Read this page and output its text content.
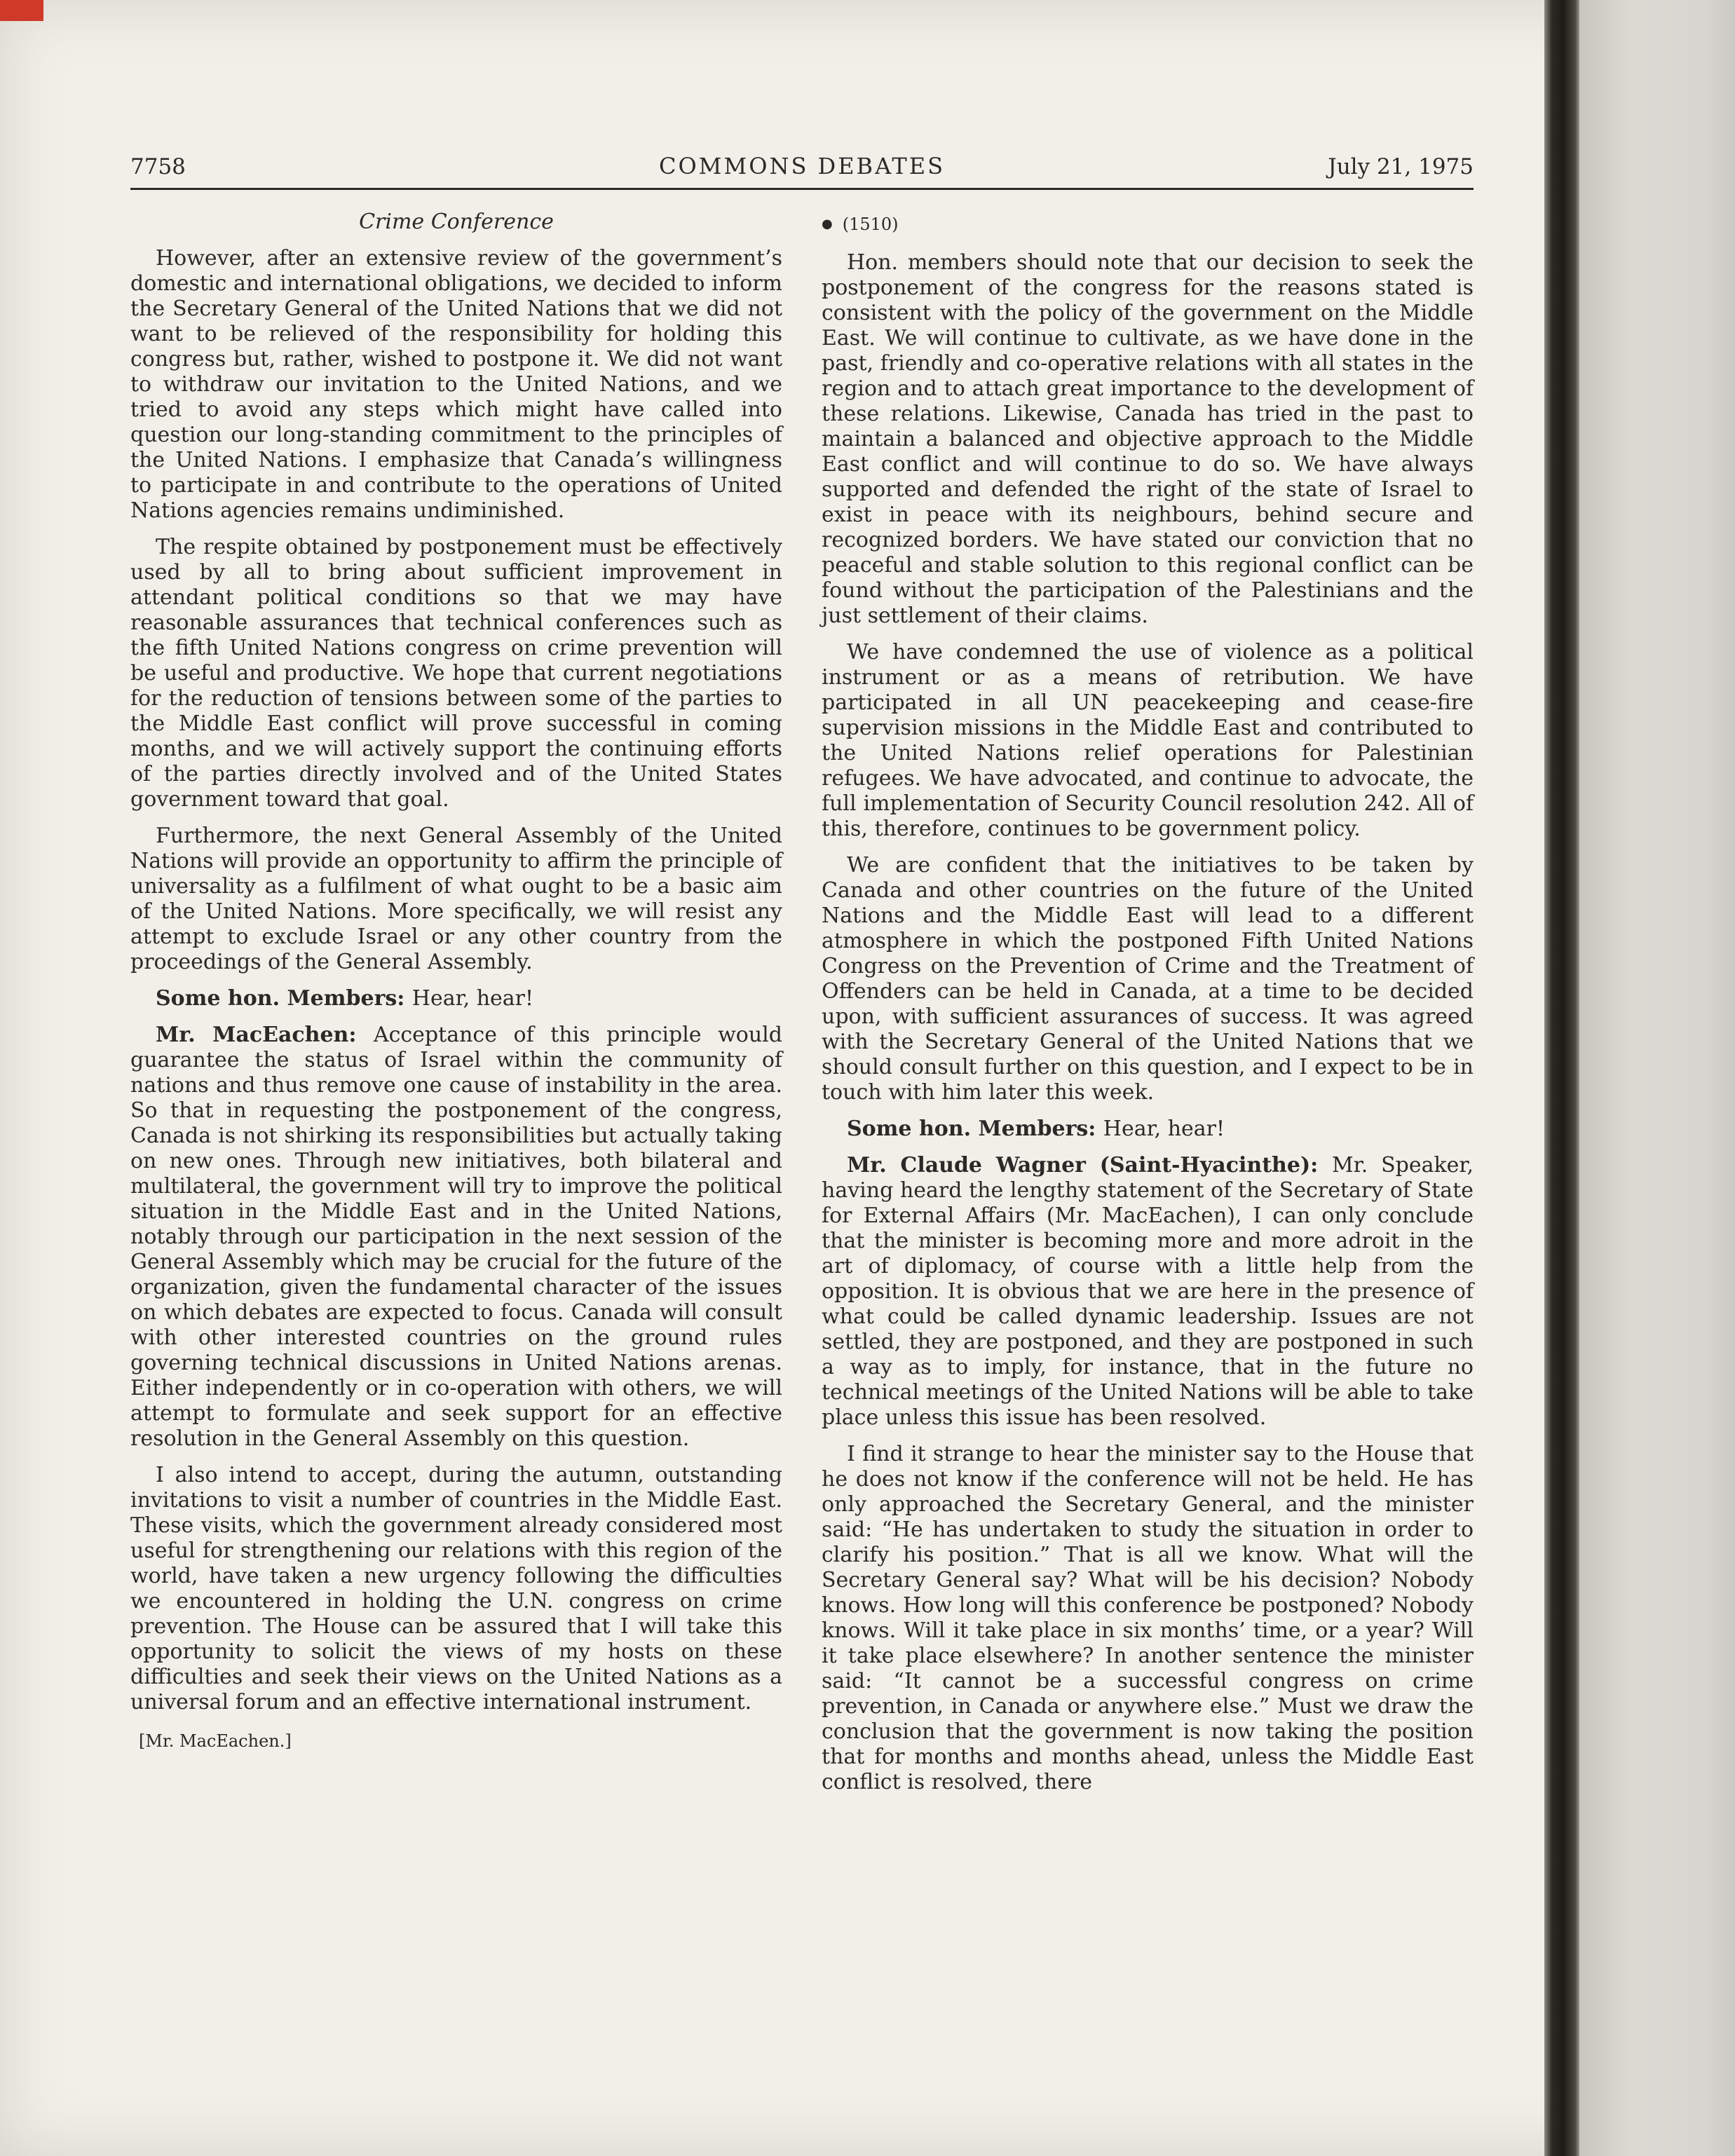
7758	COMMONS DEBATES	July 21, 1975
Crime Conference

However, after an extensive review of the government’s domestic and international obligations, we decided to inform the Secretary General of the United Nations that we did not want to be relieved of the responsibility for holding this congress but, rather, wished to postpone it. We did not want to withdraw our invitation to the United Nations, and we tried to avoid any steps which might have called into question our long-standing commitment to the principles of the United Nations. I emphasize that Canada’s willingness to participate in and contribute to the operations of United Nations agencies remains undiminished.

The respite obtained by postponement must be effectively used by all to bring about sufficient improvement in attendant political conditions so that we may have reasonable assurances that technical conferences such as the fifth United Nations congress on crime prevention will be useful and productive. We hope that current negotiations for the reduction of tensions between some of the parties to the Middle East conflict will prove successful in coming months, and we will actively support the continuing efforts of the parties directly involved and of the United States government toward that goal.

Furthermore, the next General Assembly of the United Nations will provide an opportunity to affirm the principle of universality as a fulfilment of what ought to be a basic aim of the United Nations. More specifically, we will resist any attempt to exclude Israel or any other country from the proceedings of the General Assembly.

Some hon. Members: Hear, hear!

Mr. MacEachen: Acceptance of this principle would guarantee the status of Israel within the community of nations and thus remove one cause of instability in the area. So that in requesting the postponement of the congress, Canada is not shirking its responsibilities but actually taking on new ones. Through new initiatives, both bilateral and multilateral, the government will try to improve the political situation in the Middle East and in the United Nations, notably through our participation in the next session of the General Assembly which may be crucial for the future of the organization, given the fundamental character of the issues on which debates are expected to focus. Canada will consult with other interested countries on the ground rules governing technical discussions in United Nations arenas. Either independently or in co-operation with others, we will attempt to formulate and seek support for an effective resolution in the General Assembly on this question.

I also intend to accept, during the autumn, outstanding invitations to visit a number of countries in the Middle East. These visits, which the government already considered most useful for strengthening our relations with this region of the world, have taken a new urgency following the difficulties we encountered in holding the U.N. congress on crime prevention. The House can be assured that I will take this opportunity to solicit the views of my hosts on these difficulties and seek their views on the United Nations as a universal forum and an effective international instrument.

[Mr. MacEachen.]
● (1510)

Hon. members should note that our decision to seek the postponement of the congress for the reasons stated is consistent with the policy of the government on the Middle East. We will continue to cultivate, as we have done in the past, friendly and co-operative relations with all states in the region and to attach great importance to the development of these relations. Likewise, Canada has tried in the past to maintain a balanced and objective approach to the Middle East conflict and will continue to do so. We have always supported and defended the right of the state of Israel to exist in peace with its neighbours, behind secure and recognized borders. We have stated our conviction that no peaceful and stable solution to this regional conflict can be found without the participation of the Palestinians and the just settlement of their claims.

We have condemned the use of violence as a political instrument or as a means of retribution. We have participated in all UN peacekeeping and cease-fire supervision missions in the Middle East and contributed to the United Nations relief operations for Palestinian refugees. We have advocated, and continue to advocate, the full implementation of Security Council resolution 242. All of this, therefore, continues to be government policy.

We are confident that the initiatives to be taken by Canada and other countries on the future of the United Nations and the Middle East will lead to a different atmosphere in which the postponed Fifth United Nations Congress on the Prevention of Crime and the Treatment of Offenders can be held in Canada, at a time to be decided upon, with sufficient assurances of success. It was agreed with the Secretary General of the United Nations that we should consult further on this question, and I expect to be in touch with him later this week.

Some hon. Members: Hear, hear!

Mr. Claude Wagner (Saint-Hyacinthe): Mr. Speaker, having heard the lengthy statement of the Secretary of State for External Affairs (Mr. MacEachen), I can only conclude that the minister is becoming more and more adroit in the art of diplomacy, of course with a little help from the opposition. It is obvious that we are here in the presence of what could be called dynamic leadership. Issues are not settled, they are postponed, and they are postponed in such a way as to imply, for instance, that in the future no technical meetings of the United Nations will be able to take place unless this issue has been resolved.

I find it strange to hear the minister say to the House that he does not know if the conference will not be held. He has only approached the Secretary General, and the minister said: “He has undertaken to study the situation in order to clarify his position.” That is all we know. What will the Secretary General say? What will be his decision? Nobody knows. How long will this conference be postponed? Nobody knows. Will it take place in six months’ time, or a year? Will it take place elsewhere? In another sentence the minister said: “It cannot be a successful congress on crime prevention, in Canada or anywhere else.” Must we draw the conclusion that the government is now taking the position that for months and months ahead, unless the Middle East conflict is resolved, there
